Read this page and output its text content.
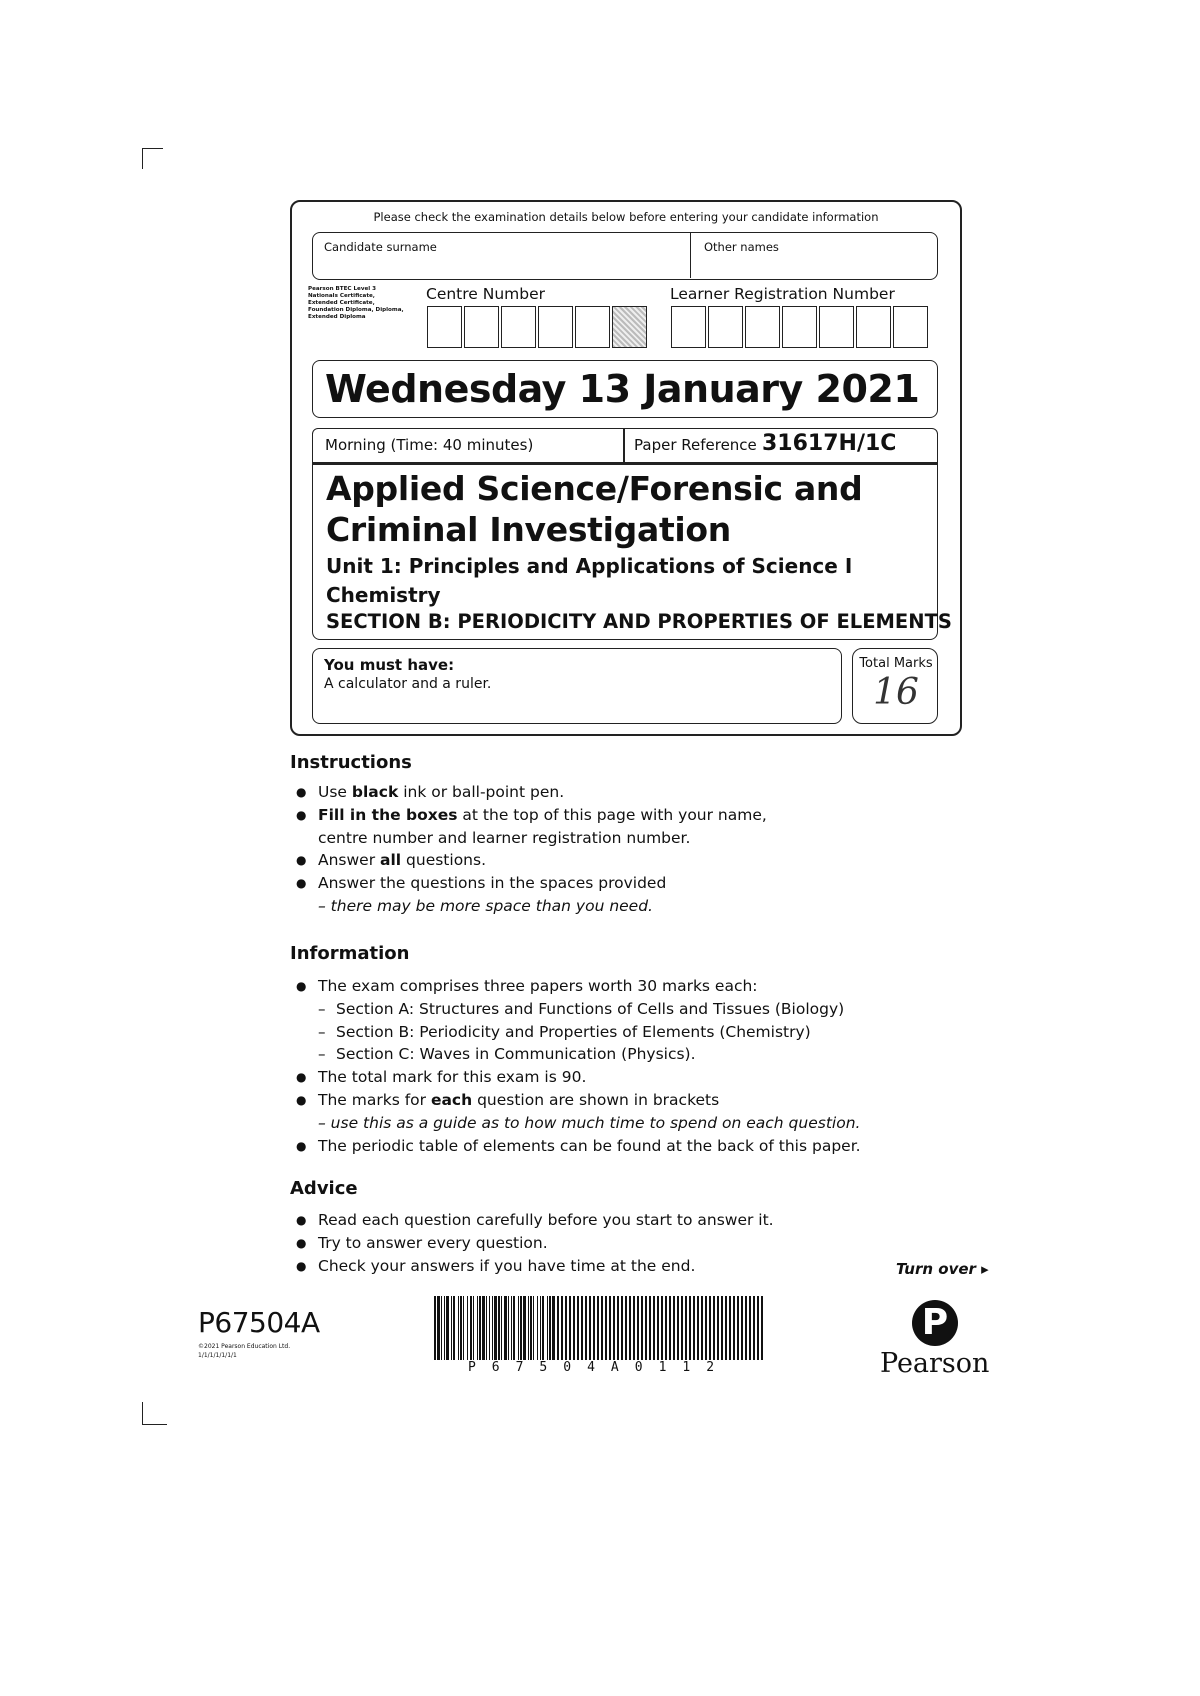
Please check the examination details below before entering your candidate information
Candidate surname	Other names
Pearson BTEC Level 3 Nationals Certificate, Extended Certificate, Foundation Diploma, Diploma, Extended Diploma
Centre Number	Learner Registration Number
Wednesday 13 January 2021
Morning (Time: 40 minutes)	Paper Reference 31617H/1C
Applied Science/Forensic and Criminal Investigation
Unit 1: Principles and Applications of Science I
Chemistry
SECTION B: PERIODICITY AND PROPERTIES OF ELEMENTS
You must have:
A calculator and a ruler.
Total Marks
16
Instructions
● Use black ink or ball-point pen.
● Fill in the boxes at the top of this page with your name,
centre number and learner registration number.
● Answer all questions.
● Answer the questions in the spaces provided
– there may be more space than you need.
Information
● The exam comprises three papers worth 30 marks each:
– Section A: Structures and Functions of Cells and Tissues (Biology)
– Section B: Periodicity and Properties of Elements (Chemistry)
– Section C: Waves in Communication (Physics).
● The total mark for this exam is 90.
● The marks for each question are shown in brackets
– use this as a guide as to how much time to spend on each question.
● The periodic table of elements can be found at the back of this paper.
Advice
● Read each question carefully before you start to answer it.
● Try to answer every question.
● Check your answers if you have time at the end.	Turn over ▸
P67504A
©2021 Pearson Education Ltd.
1/1/1/1/1/1/1
P67504A0112
P
Pearson
